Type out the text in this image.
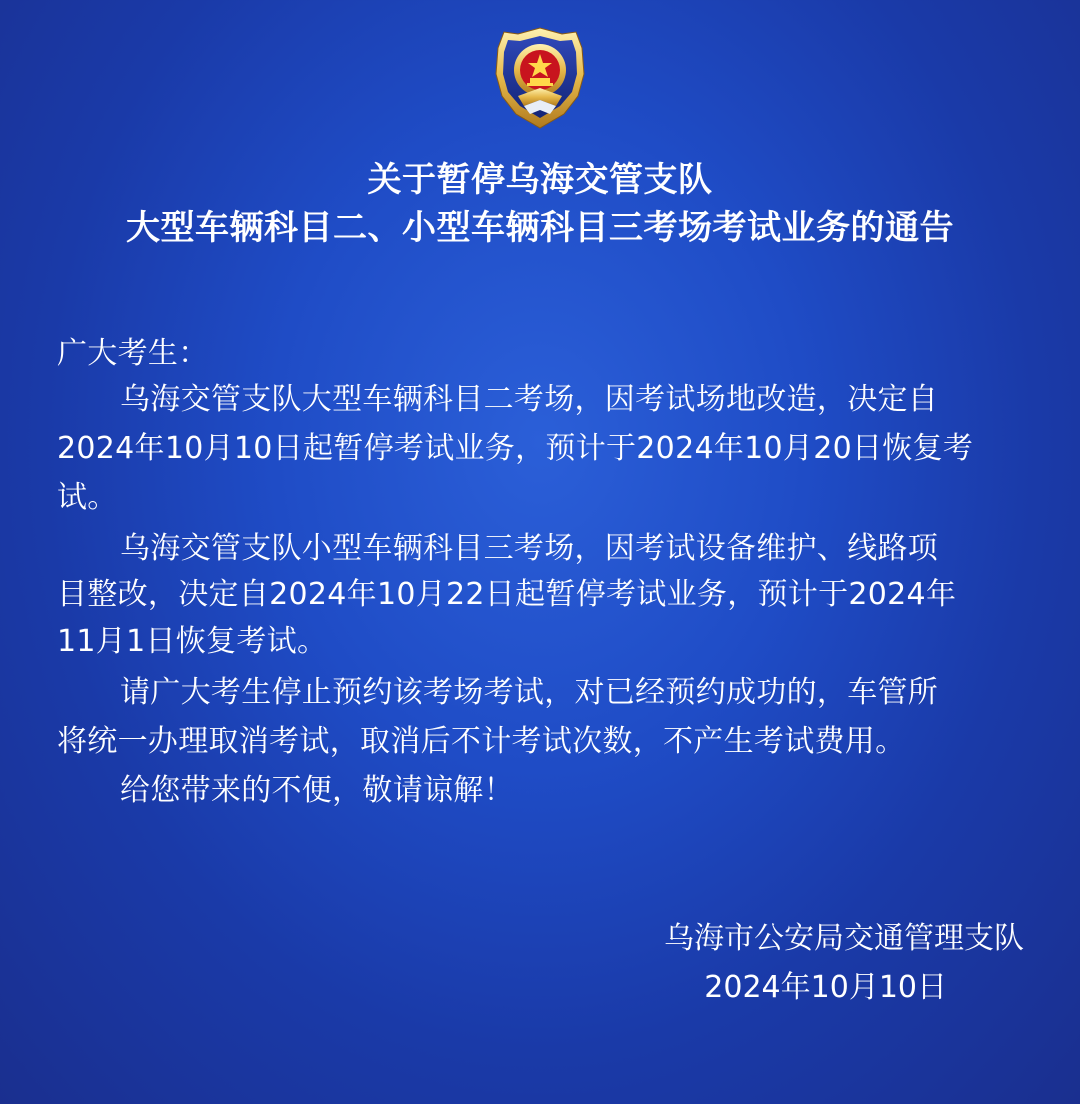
关于暂停乌海交管支队
大型车辆科目二、小型车辆科目三考场考试业务的通告
广大考生：
乌海交管支队大型车辆科目二考场，因考试场地改造，决定自
2024年10月10日起暂停考试业务，预计于2024年10月20日恢复考
试。
乌海交管支队小型车辆科目三考场，因考试设备维护、线路项
目整改，决定自2024年10月22日起暂停考试业务，预计于2024年
11月1日恢复考试。
请广大考生停止预约该考场考试，对已经预约成功的，车管所
将统一办理取消考试，取消后不计考试次数，不产生考试费用。
给您带来的不便，敬请谅解！
乌海市公安局交通管理支队
2024年10月10日
